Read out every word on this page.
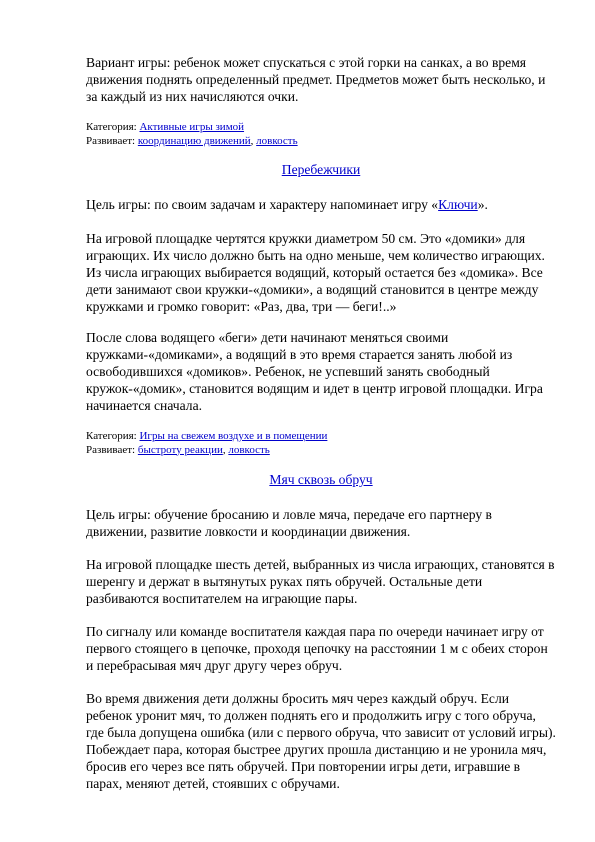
Вариант игры: ребенок может спускаться с этой горки на санках, а во время движения поднять определенный предмет. Предметов может быть несколько, и за каждый из них начисляются очки.

Категория: Активные игры зимой
Развивает: координацию движений, ловкость
Перебежчики

Цель игры: по своим задачам и характеру напоминает игру «Ключи».

На игровой площадке чертятся кружки диаметром 50 см. Это «домики» для играющих. Их число должно быть на одно меньше, чем количество играющих. Из числа играющих выбирается водящий, который остается без «домика». Все дети занимают свои кружки-«домики», а водящий становится в центре между кружками и громко говорит: «Раз, два, три — беги!..»

После слова водящего «беги» дети начинают меняться своими кружками-«домиками», а водящий в это время старается занять любой из освободившихся «домиков». Ребенок, не успевший занять свободный кружок-«домик», становится водящим и идет в центр игровой площадки. Игра начинается сначала.

Категория: Игры на свежем воздухе и в помещении
Развивает: быстроту реакции, ловкость
Мяч сквозь обруч

Цель игры: обучение бросанию и ловле мяча, передаче его партнеру в движении, развитие ловкости и координации движения.

На игровой площадке шесть детей, выбранных из числа играющих, становятся в шеренгу и держат в вытянутых руках пять обручей. Остальные дети разбиваются воспитателем на играющие пары.

По сигналу или команде воспитателя каждая пара по очереди начинает игру от первого стоящего в цепочке, проходя цепочку на расстоянии 1 м с обеих сторон и перебрасывая мяч друг другу через обруч.

Во время движения дети должны бросить мяч через каждый обруч. Если ребенок уронит мяч, то должен поднять его и продолжить игру с того обруча, где была допущена ошибка (или с первого обруча, что зависит от условий игры). Побеждает пара, которая быстрее других прошла дистанцию и не уронила мяч, бросив его через все пять обручей. При повторении игры дети, игравшие в парах, меняют детей, стоявших с обручами.
